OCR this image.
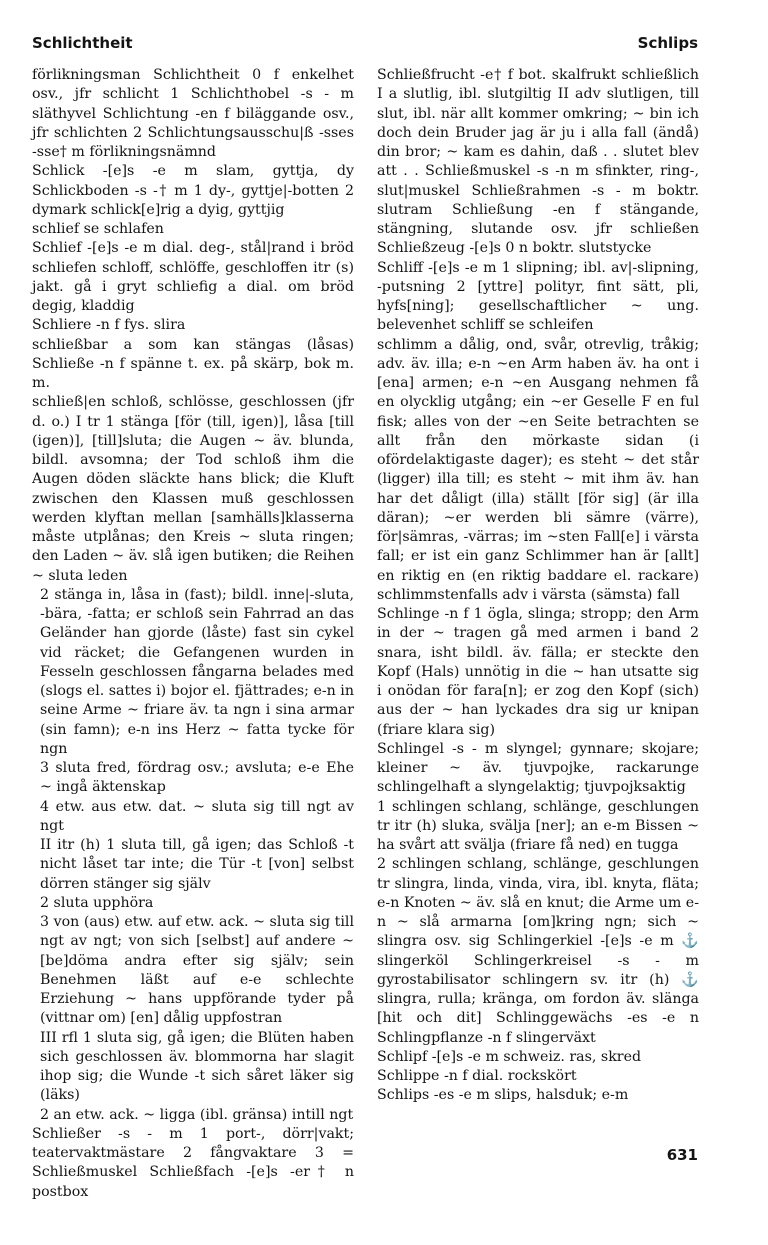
Schlichtheit	Schlips

förlikningsman Schlichtheit 0 f enkelhet osv., jfr schlicht 1 Schlichthobel -s - m släthyvel Schlichtung -en f biläggande osv., jfr schlichten 2 Schlichtungsausschu|ß -sses -sse† m förlikningsnämnd

Schlick -[e]s -e m slam, gyttja, dy Schlickboden -s -† m 1 dy-, gyttje|-botten 2 dymark schlick[e]rig a dyig, gyttjig

schlief se schlafen

Schlief -[e]s -e m dial. deg-, stål|rand i bröd schliefen schloff, schlöffe, geschloffen itr (s) jakt. gå i gryt schliefig a dial. om bröd degig, kladdig

Schliere -n f fys. slira

schließbar a som kan stängas (låsas) Schließe -n f spänne t. ex. på skärp, bok m. m.

schließ|en schloß, schlösse, geschlossen (jfr d. o.) I tr 1 stänga [för (till, igen)], låsa [till (igen)], [till]sluta; die Augen ~ äv. blunda, bildl. avsomna; der Tod schloß ihm die Augen döden släckte hans blick; die Kluft zwischen den Klassen muß geschlossen werden klyftan mellan [samhälls]klasserna måste utplånas; den Kreis ~ sluta ringen; den Laden ~ äv. slå igen butiken; die Reihen ~ sluta leden

2 stänga in, låsa in (fast); bildl. inne|-sluta, -bära, -fatta; er schloß sein Fahrrad an das Geländer han gjorde (låste) fast sin cykel vid räcket; die Gefangenen wurden in Fesseln geschlossen fångarna belades med (slogs el. sattes i) bojor el. fjättrades; e-n in seine Arme ~ friare äv. ta ngn i sina armar (sin famn); e-n ins Herz ~ fatta tycke för ngn

3 sluta fred, fördrag osv.; avsluta; e-e Ehe ~ ingå äktenskap

4 etw. aus etw. dat. ~ sluta sig till ngt av ngt

II itr (h) 1 sluta till, gå igen; das Schloß -t nicht låset tar inte; die Tür -t [von] selbst dörren stänger sig själv

2 sluta upphöra

3 von (aus) etw. auf etw. ack. ~ sluta sig till ngt av ngt; von sich [selbst] auf andere ~ [be]döma andra efter sig själv; sein Benehmen läßt auf e-e schlechte Erziehung ~ hans uppförande tyder på (vittnar om) [en] dålig uppfostran

III rfl 1 sluta sig, gå igen; die Blüten haben sich geschlossen äv. blommorna har slagit ihop sig; die Wunde -t sich såret läker sig (läks)

2 an etw. ack. ~ ligga (ibl. gränsa) intill ngt

Schließer -s - m 1 port-, dörr|vakt; teatervaktmästare 2 fångvaktare 3 = Schließmuskel Schließfach -[e]s -er† n postbox

Schließfrucht -e† f bot. skalfrukt schließlich I a slutlig, ibl. slutgiltig II adv slutligen, till slut, ibl. när allt kommer omkring; ~ bin ich doch dein Bruder jag är ju i alla fall (ändå) din bror; ~ kam es dahin, daß . . slutet blev att . . Schließmuskel -s -n m sfinkter, ring-, slut|muskel Schließrahmen -s - m boktr. slutram Schließung -en f stängande, stängning, slutande osv. jfr schließen Schließzeug -[e]s 0 n boktr. slutstycke

Schliff -[e]s -e m 1 slipning; ibl. av|-slipning, -putsning 2 [yttre] polityr, fint sätt, pli, hyfs[ning]; gesellschaftlicher ~ ung. belevenhet schliff se schleifen

schlimm a dålig, ond, svår, otrevlig, tråkig; adv. äv. illa; e-n ~en Arm haben äv. ha ont i [ena] armen; e-n ~en Ausgang nehmen få en olycklig utgång; ein ~er Geselle F en ful fisk; alles von der ~en Seite betrachten se allt från den mörkaste sidan (i ofördelaktigaste dager); es steht ~ det står (ligger) illa till; es steht ~ mit ihm äv. han har det dåligt (illa) ställt [för sig] (är illa däran); ~er werden bli sämre (värre), för|sämras, -värras; im ~sten Fall[e] i värsta fall; er ist ein ganz Schlimmer han är [allt] en riktig en (en riktig baddare el. rackare) schlimmstenfalls adv i värsta (sämsta) fall

Schlinge -n f 1 ögla, slinga; stropp; den Arm in der ~ tragen gå med armen i band 2 snara, isht bildl. äv. fälla; er steckte den Kopf (Hals) unnötig in die ~ han utsatte sig i onödan för fara[n]; er zog den Kopf (sich) aus der ~ han lyckades dra sig ur knipan (friare klara sig)

Schlingel -s - m slyngel; gynnare; skojare; kleiner ~ äv. tjuvpojke, rackarunge schlingelhaft a slyngelaktig; tjuvpojksaktig

1 schlingen schlang, schlänge, geschlungen tr itr (h) sluka, svälja [ner]; an e-m Bissen ~ ha svårt att svälja (friare få ned) en tugga

2 schlingen schlang, schlänge, geschlungen tr slingra, linda, vinda, vira, ibl. knyta, fläta; e-n Knoten ~ äv. slå en knut; die Arme um e-n ~ slå armarna [om]kring ngn; sich ~ slingra osv. sig Schlingerkiel -[e]s -e m ⚓ slingerköl Schlingerkreisel -s - m gyrostabilisator schlingern sv. itr (h) ⚓ slingra, rulla; kränga, om fordon äv. slänga [hit och dit] Schlinggewächs -es -e n Schlingpflanze -n f slingerväxt

Schlipf -[e]s -e m schweiz. ras, skred

Schlippe -n f dial. rockskört

Schlips -es -e m slips, halsduk; e-m

631
